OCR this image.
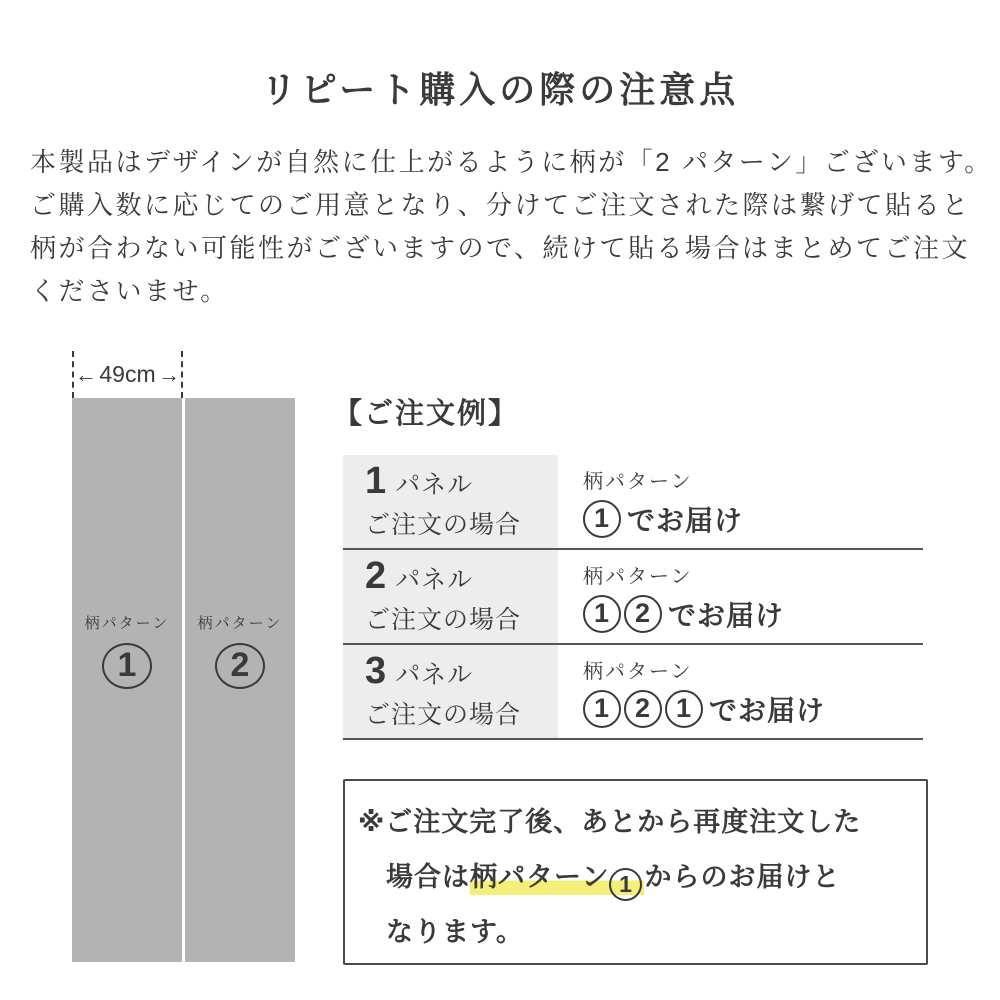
リピート購入の際の注意点
本製品はデザインが自然に仕上がるように柄が「2 パターン」ございます。
ご購入数に応じてのご用意となり、分けてご注文された際は繋げて貼ると
柄が合わない可能性がございますので、続けて貼る場合はまとめてご注文
くださいませ。
← 49cm →
柄パターン
1
柄パターン
2
【ご注文例】
1 パネル
ご注文の場合
柄パターン
1 でお届け
2 パネル
ご注文の場合
柄パターン
1 2 でお届け
3 パネル
ご注文の場合
柄パターン
1 2 1 でお届け
※ご注文完了後、あとから再度注文した
場合は柄パターン 1 からのお届けと
なります。
